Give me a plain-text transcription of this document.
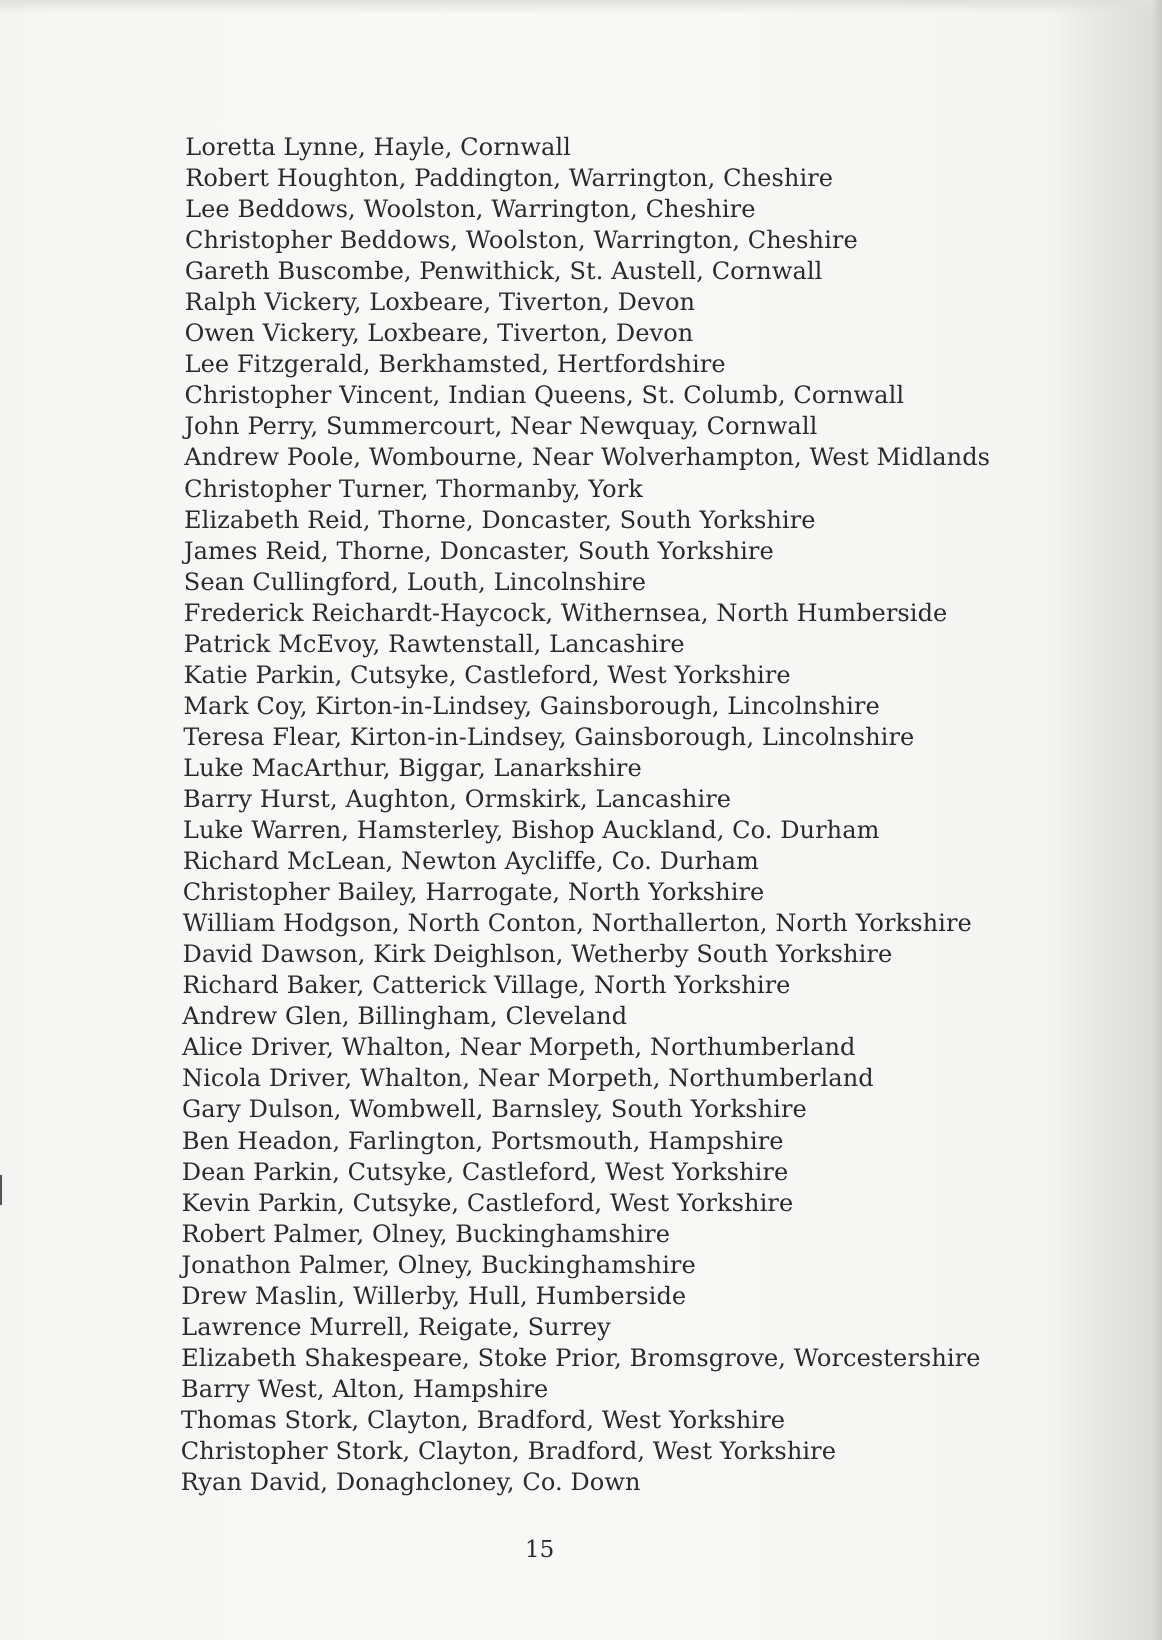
Loretta Lynne, Hayle, Cornwall
Robert Houghton, Paddington, Warrington, Cheshire
Lee Beddows, Woolston, Warrington, Cheshire
Christopher Beddows, Woolston, Warrington, Cheshire
Gareth Buscombe, Penwithick, St. Austell, Cornwall
Ralph Vickery, Loxbeare, Tiverton, Devon
Owen Vickery, Loxbeare, Tiverton, Devon
Lee Fitzgerald, Berkhamsted, Hertfordshire
Christopher Vincent, Indian Queens, St. Columb, Cornwall
John Perry, Summercourt, Near Newquay, Cornwall
Andrew Poole, Wombourne, Near Wolverhampton, West Midlands
Christopher Turner, Thormanby, York
Elizabeth Reid, Thorne, Doncaster, South Yorkshire
James Reid, Thorne, Doncaster, South Yorkshire
Sean Cullingford, Louth, Lincolnshire
Frederick Reichardt-Haycock, Withernsea, North Humberside
Patrick McEvoy, Rawtenstall, Lancashire
Katie Parkin, Cutsyke, Castleford, West Yorkshire
Mark Coy, Kirton-in-Lindsey, Gainsborough, Lincolnshire
Teresa Flear, Kirton-in-Lindsey, Gainsborough, Lincolnshire
Luke MacArthur, Biggar, Lanarkshire
Barry Hurst, Aughton, Ormskirk, Lancashire
Luke Warren, Hamsterley, Bishop Auckland, Co. Durham
Richard McLean, Newton Aycliffe, Co. Durham
Christopher Bailey, Harrogate, North Yorkshire
William Hodgson, North Conton, Northallerton, North Yorkshire
David Dawson, Kirk Deighlson, Wetherby South Yorkshire
Richard Baker, Catterick Village, North Yorkshire
Andrew Glen, Billingham, Cleveland
Alice Driver, Whalton, Near Morpeth, Northumberland
Nicola Driver, Whalton, Near Morpeth, Northumberland
Gary Dulson, Wombwell, Barnsley, South Yorkshire
Ben Headon, Farlington, Portsmouth, Hampshire
Dean Parkin, Cutsyke, Castleford, West Yorkshire
Kevin Parkin, Cutsyke, Castleford, West Yorkshire
Robert Palmer, Olney, Buckinghamshire
Jonathon Palmer, Olney, Buckinghamshire
Drew Maslin, Willerby, Hull, Humberside
Lawrence Murrell, Reigate, Surrey
Elizabeth Shakespeare, Stoke Prior, Bromsgrove, Worcestershire
Barry West, Alton, Hampshire
Thomas Stork, Clayton, Bradford, West Yorkshire
Christopher Stork, Clayton, Bradford, West Yorkshire
Ryan David, Donaghcloney, Co. Down
15
